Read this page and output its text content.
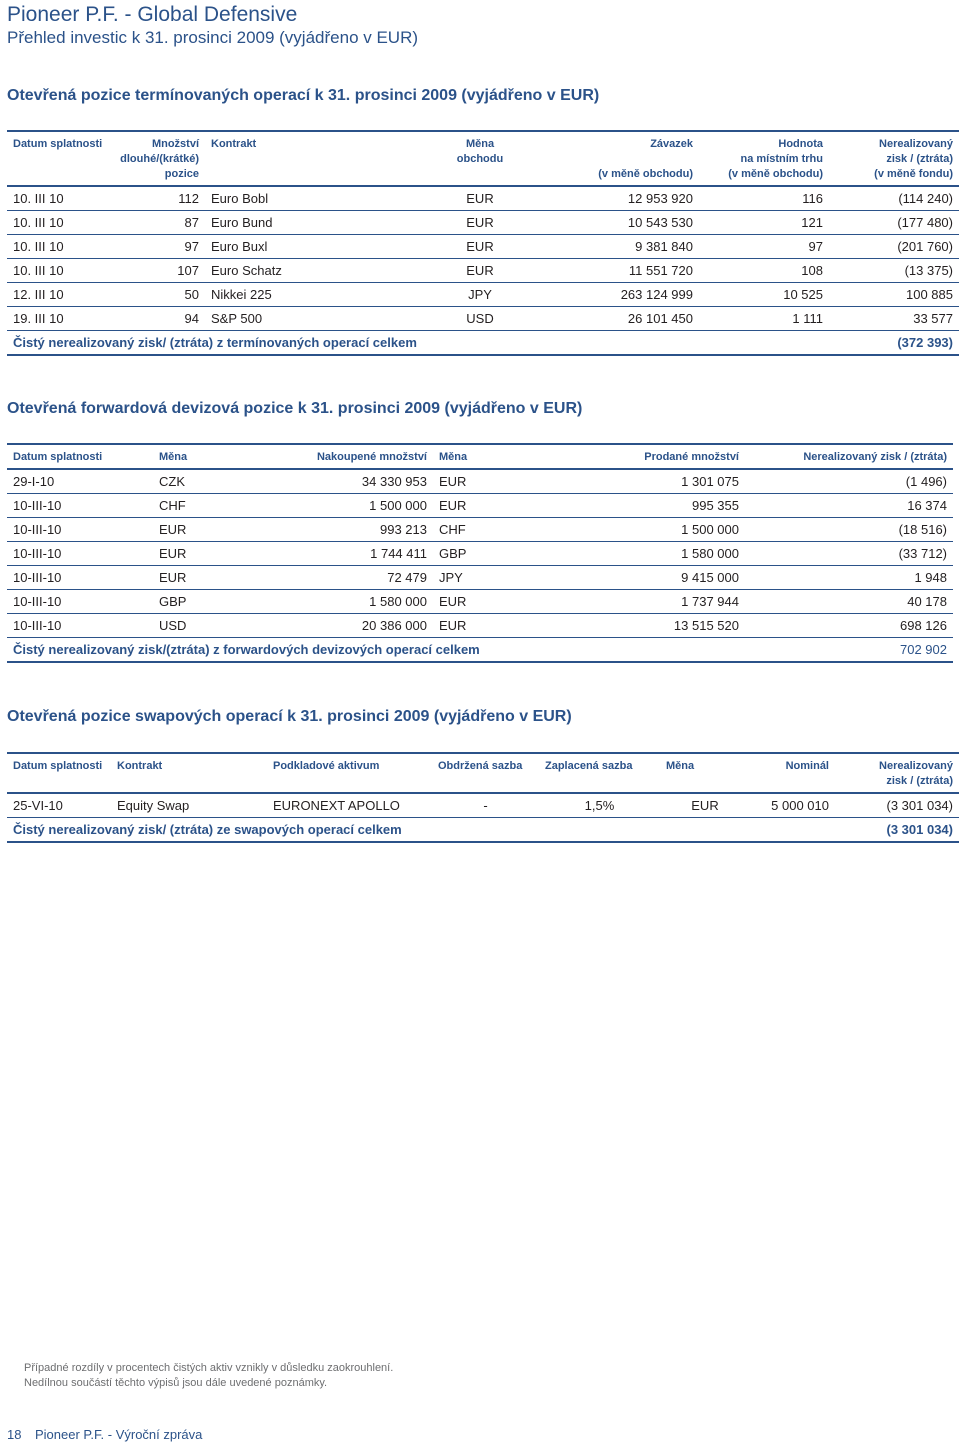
Pioneer P.F. - Global Defensive
Přehled investic k 31. prosinci 2009 (vyjádřeno v EUR)
Otevřená pozice termínovaných operací k 31. prosinci 2009 (vyjádřeno v EUR)
Datum splatnosti	Množství
dlouhé/(krátké)
pozice	Kontrakt	Měna
obchodu	Závazek

(v měně obchodu)	Hodnota
na místním trhu
(v měně obchodu)	Nerealizovaný
zisk / (ztráta)
(v měně fondu)
10. III 10	112	Euro Bobl	EUR	12 953 920	116	(114 240)
10. III 10	87	Euro Bund	EUR	10 543 530	121	(177 480)
10. III 10	97	Euro Buxl	EUR	9 381 840	97	(201 760)
10. III 10	107	Euro Schatz	EUR	11 551 720	108	(13 375)
12. III 10	50	Nikkei 225	JPY	263 124 999	10 525	100 885
19. III 10	94	S&P 500	USD	26 101 450	1 111	33 577
Čistý nerealizovaný zisk/ (ztráta) z termínovaných operací celkem						(372 393)
Otevřená forwardová devizová pozice k 31. prosinci 2009 (vyjádřeno v EUR)
Datum splatnosti	Měna	Nakoupené množství	Měna	Prodané množství	Nerealizovaný zisk / (ztráta)
29-I-10	CZK	34 330 953	EUR	1 301 075	(1 496)
10-III-10	CHF	1 500 000	EUR	995 355	16 374
10-III-10	EUR	993 213	CHF	1 500 000	(18 516)
10-III-10	EUR	1 744 411	GBP	1 580 000	(33 712)
10-III-10	EUR	72 479	JPY	9 415 000	1 948
10-III-10	GBP	1 580 000	EUR	1 737 944	40 178
10-III-10	USD	20 386 000	EUR	13 515 520	698 126
Čistý nerealizovaný zisk/(ztráta) z forwardových devizových operací celkem					702 902
Otevřená pozice swapových operací k 31. prosinci 2009 (vyjádřeno v EUR)
Datum splatnosti	Kontrakt	Podkladové aktivum	Obdržená sazba	Zaplacená sazba	Měna	Nominál	Nerealizovaný
zisk / (ztráta)
25-VI-10	Equity Swap	EURONEXT APOLLO	-	1,5%	EUR	5 000 010	(3 301 034)
Čistý nerealizovaný zisk/ (ztráta) ze swapových operací celkem							(3 301 034)

Případné rozdíly v procentech čistých aktiv vznikly v důsledku zaokrouhlení.

Nedílnou součástí těchto výpisů jsou dále uvedené poznámky.

18 Pioneer P.F. - Výroční zpráva
